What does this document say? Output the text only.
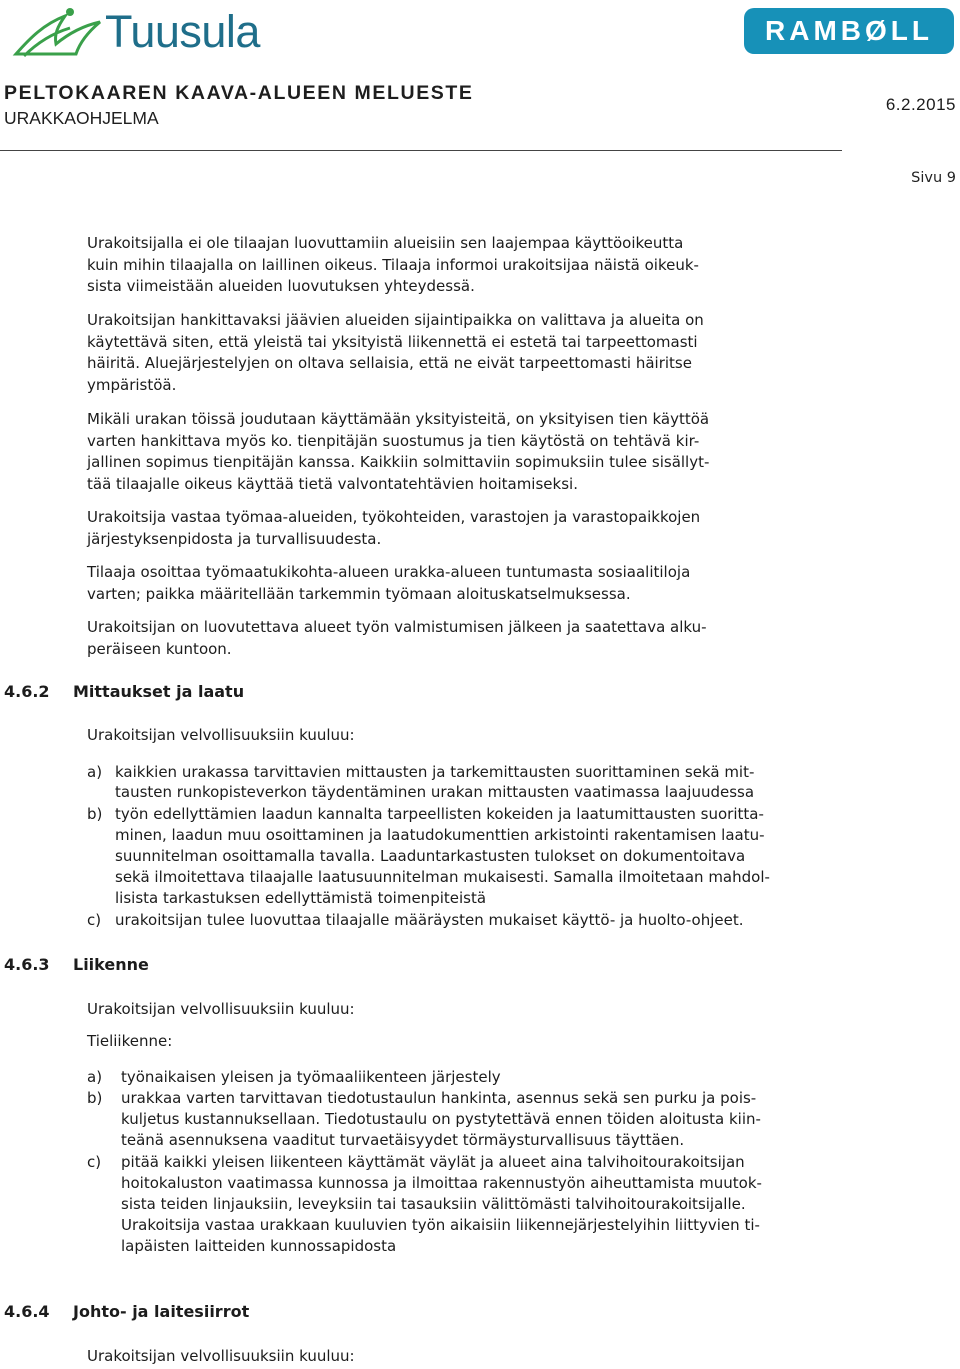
Tuusula	RAMBØLL
PELTOKAAREN KAAVA-ALUEEN MELUESTE
URAKKAOHJELMA
6.2.2015
Sivu 9
Urakoitsijalla ei ole tilaajan luovuttamiin alueisiin sen laajempaa käyttöoikeutta
kuin mihin tilaajalla on laillinen oikeus. Tilaaja informoi urakoitsijaa näistä oikeuk-
sista viimeistään alueiden luovutuksen yhteydessä.
Urakoitsijan hankittavaksi jäävien alueiden sijaintipaikka on valittava ja alueita on
käytettävä siten, että yleistä tai yksityistä liikennettä ei estetä tai tarpeettomasti
häiritä. Aluejärjestelyjen on oltava sellaisia, että ne eivät tarpeettomasti häiritse
ympäristöä.
Mikäli urakan töissä joudutaan käyttämään yksityisteitä, on yksityisen tien käyttöä
varten hankittava myös ko. tienpitäjän suostumus ja tien käytöstä on tehtävä kir-
jallinen sopimus tienpitäjän kanssa. Kaikkiin solmittaviin sopimuksiin tulee sisällyt-
tää tilaajalle oikeus käyttää tietä valvontatehtävien hoitamiseksi.
Urakoitsija vastaa työmaa-alueiden, työkohteiden, varastojen ja varastopaikkojen
järjestyksenpidosta ja turvallisuudesta.
Tilaaja osoittaa työmaatukikohta-alueen urakka-alueen tuntumasta sosiaalitiloja
varten; paikka määritellään tarkemmin työmaan aloituskatselmuksessa.
Urakoitsijan on luovutettava alueet työn valmistumisen jälkeen ja saatettava alku-
peräiseen kuntoon.
4.6.2 Mittaukset ja laatu
Urakoitsijan velvollisuuksiin kuuluu:
a) kaikkien urakassa tarvittavien mittausten ja tarkemittausten suorittaminen sekä mit-
tausten runkopisteverkon täydentäminen urakan mittausten vaatimassa laajuudessa
b) työn edellyttämien laadun kannalta tarpeellisten kokeiden ja laatumittausten suoritta-
minen, laadun muu osoittaminen ja laatudokumenttien arkistointi rakentamisen laatu-
suunnitelman osoittamalla tavalla. Laaduntarkastusten tulokset on dokumentoitava
sekä ilmoitettava tilaajalle laatusuunnitelman mukaisesti. Samalla ilmoitetaan mahdol-
lisista tarkastuksen edellyttämistä toimenpiteistä
c) urakoitsijan tulee luovuttaa tilaajalle määräysten mukaiset käyttö- ja huolto-ohjeet.
4.6.3 Liikenne
Urakoitsijan velvollisuuksiin kuuluu:
Tieliikenne:
a) työnaikaisen yleisen ja työmaaliikenteen järjestely
b) urakkaa varten tarvittavan tiedotustaulun hankinta, asennus sekä sen purku ja pois-
kuljetus kustannuksellaan. Tiedotustaulu on pystytettävä ennen töiden aloitusta kiin-
teänä asennuksena vaaditut turvaetäisyydet törmäysturvallisuus täyttäen.
c) pitää kaikki yleisen liikenteen käyttämät väylät ja alueet aina talvihoitourakoitsijan
hoitokaluston vaatimassa kunnossa ja ilmoittaa rakennustyön aiheuttamista muutok-
sista teiden linjauksiin, leveyksiin tai tasauksiin välittömästi talvihoitourakoitsijalle.
Urakoitsija vastaa urakkaan kuuluvien työn aikaisiin liikennejärjestelyihin liittyvien ti-
lapäisten laitteiden kunnossapidosta
4.6.4 Johto- ja laitesiirrot
Urakoitsijan velvollisuuksiin kuuluu:
